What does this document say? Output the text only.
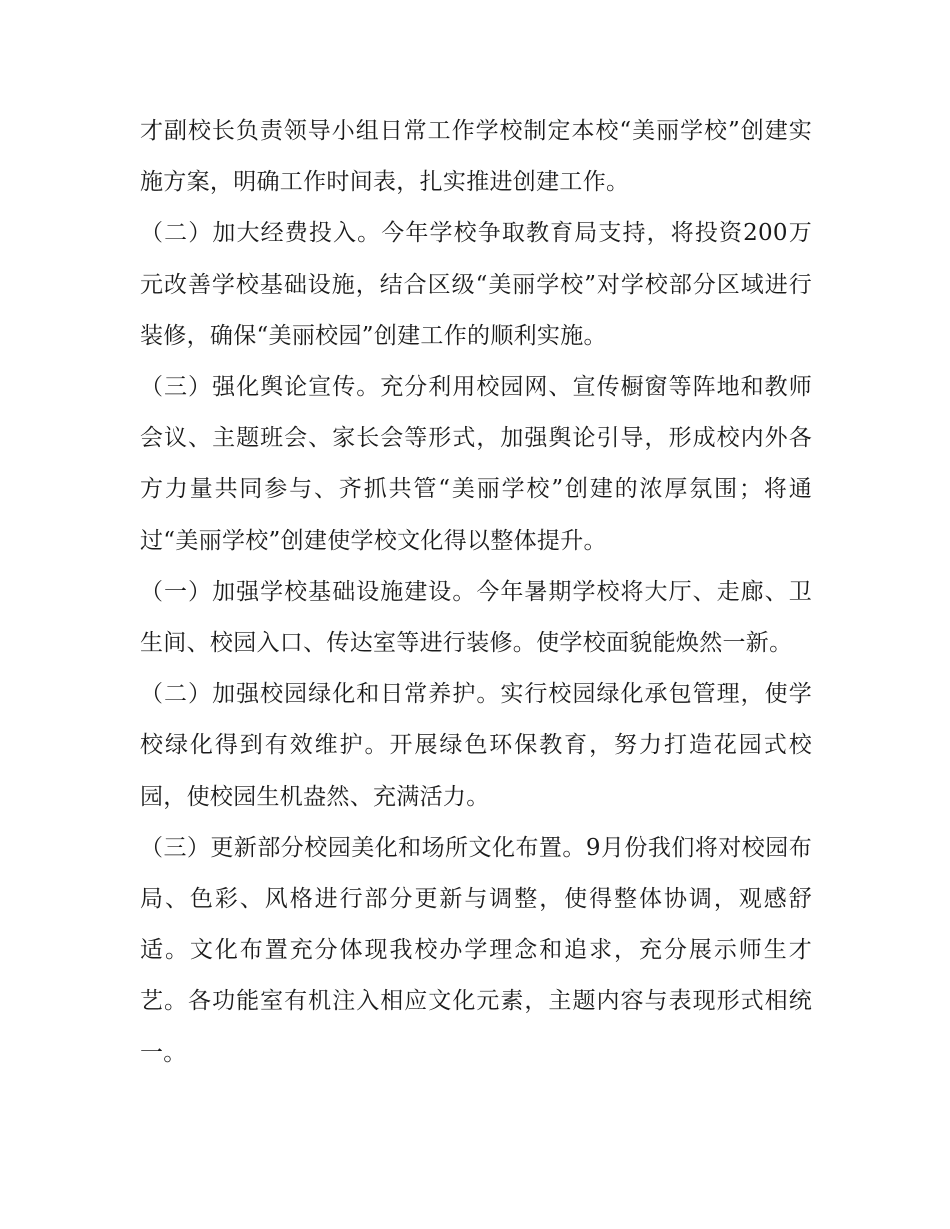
才副校长负责领导小组日常工作学校制定本校“美丽学校”创建实施方案，明确工作时间表，扎实推进创建工作。

（二）加大经费投入。今年学校争取教育局支持，将投资200万元改善学校基础设施，结合区级“美丽学校”对学校部分区域进行装修，确保“美丽校园”创建工作的顺利实施。

（三）强化舆论宣传。充分利用校园网、宣传橱窗等阵地和教师会议、主题班会、家长会等形式，加强舆论引导，形成校内外各方力量共同参与、齐抓共管“美丽学校”创建的浓厚氛围；将通过“美丽学校”创建使学校文化得以整体提升。

（一）加强学校基础设施建设。今年暑期学校将大厅、走廊、卫生间、校园入口、传达室等进行装修。使学校面貌能焕然一新。

（二）加强校园绿化和日常养护。实行校园绿化承包管理，使学校绿化得到有效维护。开展绿色环保教育，努力打造花园式校园，使校园生机盎然、充满活力。

（三）更新部分校园美化和场所文化布置。9月份我们将对校园布局、色彩、风格进行部分更新与调整，使得整体协调，观感舒适。文化布置充分体现我校办学理念和追求，充分展示师生才艺。各功能室有机注入相应文化元素，主题内容与表现形式相统一。
